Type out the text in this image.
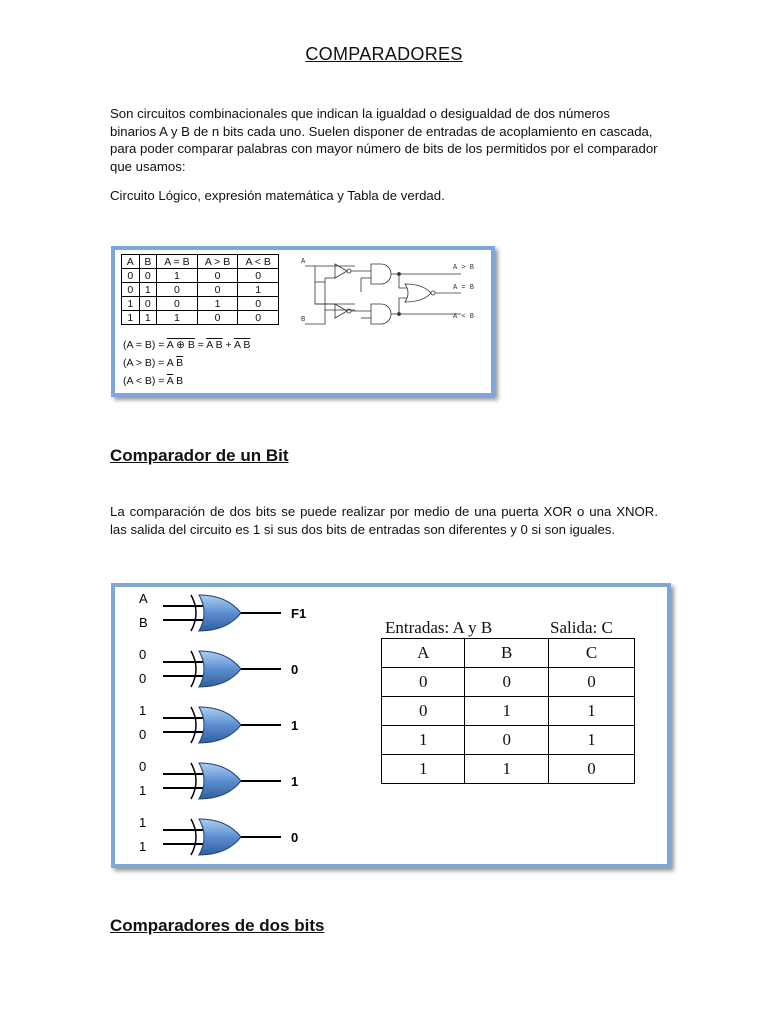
COMPARADORES
Son circuitos combinacionales que indican la igualdad o desigualdad de dos números binarios A y B de n bits cada uno. Suelen disponer de entradas de acoplamiento en cascada, para poder comparar palabras con mayor número de bits de los permitidos por el comparador que usamos:
Circuito Lógico, expresión matemática y Tabla de verdad.
A	B	A = B	A > B	A < B
0	0	1	0	0
0	1	0	0	1
1	0	0	1	0
1	1	1	0	0
(A = B) = A ⊕ B = A B + A B
(A > B) = A $\overline{B}$
$(A < B) = \overline{A}$ B
A
B
A > B
A = B
A < B
Comparador de un Bit
La comparación de dos bits se puede realizar por medio de una puerta XOR o una XNOR. las salida del circuito es 1 si sus dos bits de entradas son diferentes y 0 si son iguales.
A
B
F1
0
0
0
1
0
1
0
1
1
1
1
0
Entradas: A y B	Salida: C
A	B	C
0	0	0
0	1	1
1	0	1
1	1	0
Comparadores de dos bits
